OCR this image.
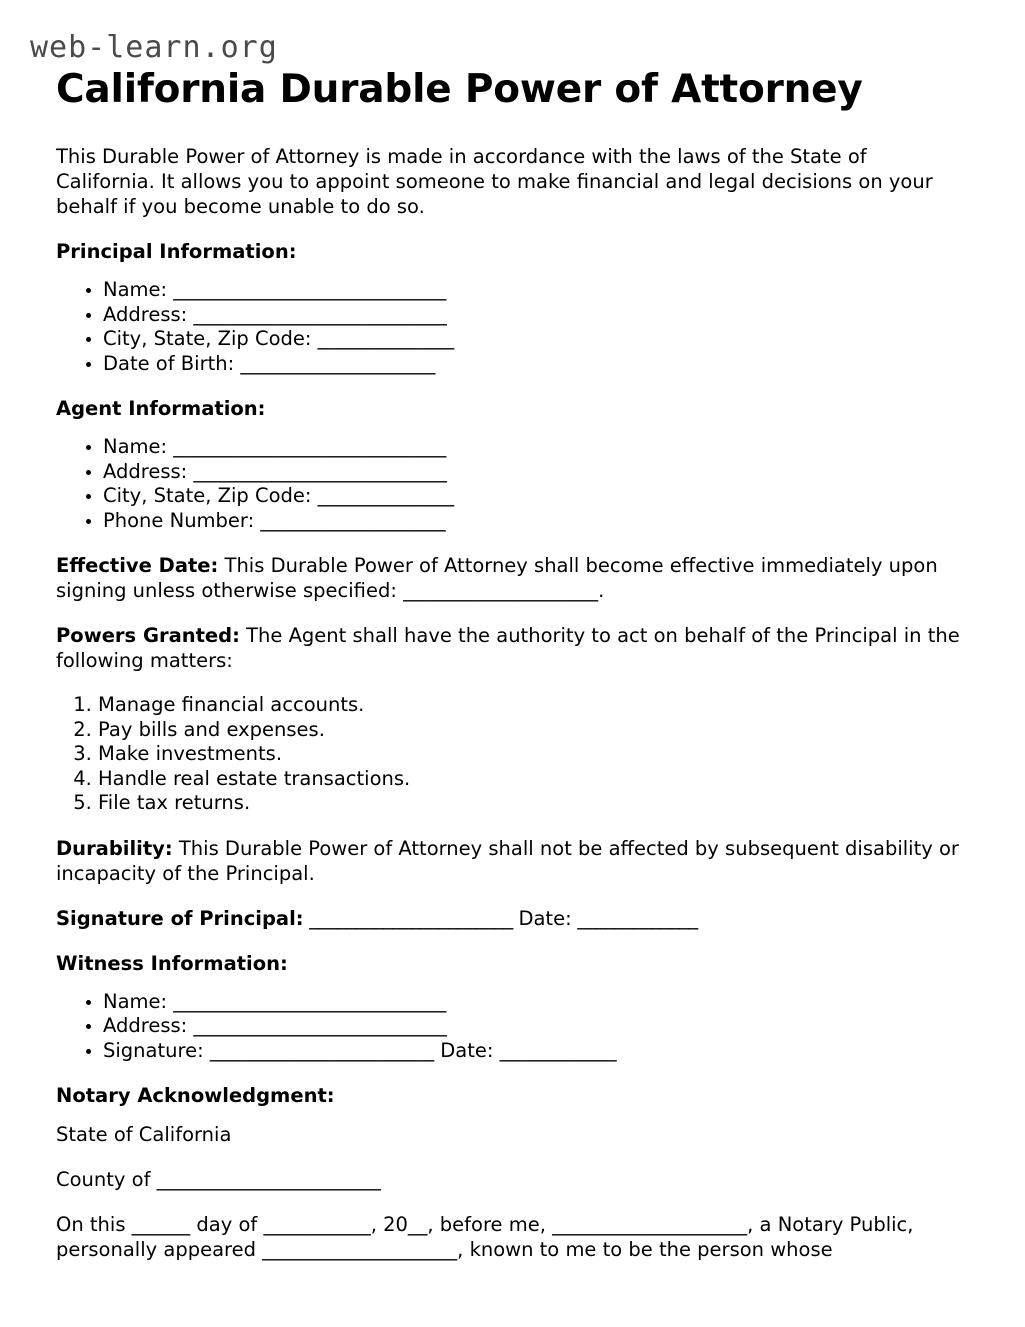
web-learn.org
California Durable Power of Attorney

This Durable Power of Attorney is made in accordance with the laws of the State of California. It allows you to appoint someone to make financial and legal decisions on your behalf if you become unable to do so.

Principal Information:
• Name: ____________________________
• Address: __________________________
• City, State, Zip Code: ______________
• Date of Birth: ____________________
Agent Information:
• Name: ____________________________
• Address: __________________________
• City, State, Zip Code: ______________
• Phone Number: ___________________

Effective Date: This Durable Power of Attorney shall become effective immediately upon signing unless otherwise specified: ____________________.

Powers Granted: The Agent shall have the authority to act on behalf of the Principal in the following matters:

1. Manage financial accounts.
2. Pay bills and expenses.
3. Make investments.
4. Handle real estate transactions.
5. File tax returns.

Durability: This Durable Power of Attorney shall not be affected by subsequent disability or incapacity of the Principal.

Signature of Principal: ______________________ Date: _____________

Witness Information:
• Name: ____________________________
• Address: __________________________
• Signature: _______________________ Date: ____________
Notary Acknowledgment:

State of California

County of _______________________

On this ______ day of ___________, 20__, before me, ____________________, a Notary Public, personally appeared ____________________, known to me to be the person whose
